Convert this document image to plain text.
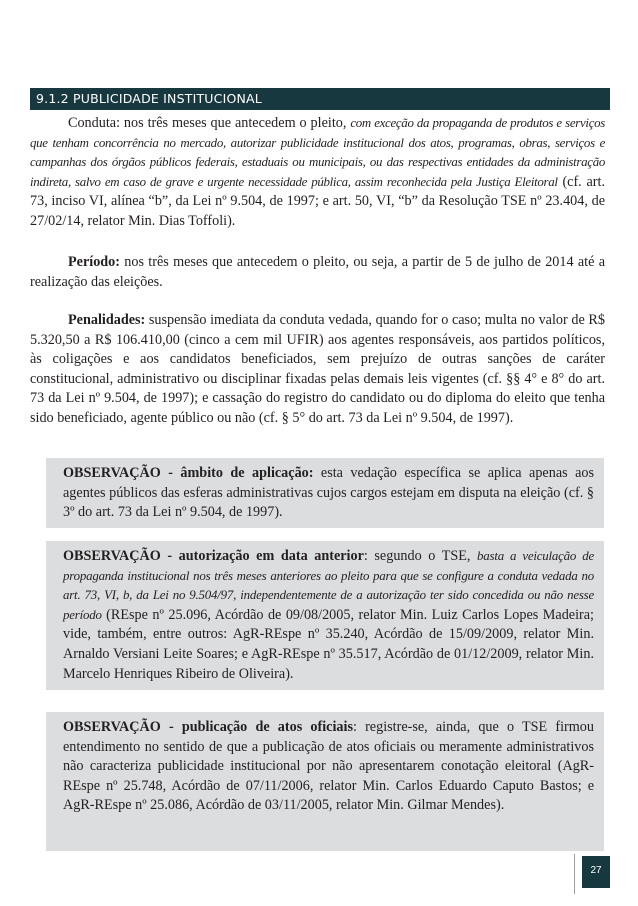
9.1.2 PUBLICIDADE INSTITUCIONAL

Conduta: nos três meses que antecedem o pleito, com exceção da propaganda de produtos e serviços que tenham concorrência no mercado, autorizar publicidade institucional dos atos, programas, obras, serviços e campanhas dos órgãos públicos federais, estaduais ou municipais, ou das respectivas entidades da administração indireta, salvo em caso de grave e urgente necessidade pública, assim reconhecida pela Justiça Eleitoral (cf. art. 73, inciso VI, alínea “b”, da Lei nº 9.504, de 1997; e art. 50, VI, “b” da Resolução TSE nº 23.404, de 27/02/14, relator Min. Dias Toffoli).

Período: nos três meses que antecedem o pleito, ou seja, a partir de 5 de julho de 2014 até a realização das eleições.

Penalidades: suspensão imediata da conduta vedada, quando for o caso; multa no valor de R$ 5.320,50 a R$ 106.410,00 (cinco a cem mil UFIR) aos agentes responsáveis, aos partidos políticos, às coligações e aos candidatos beneficiados, sem prejuízo de outras sanções de caráter constitucional, administrativo ou disciplinar fixadas pelas demais leis vigentes (cf. §§ 4° e 8° do art. 73 da Lei nº 9.504, de 1997); e cassação do registro do candidato ou do diploma do eleito que tenha sido beneficiado, agente público ou não (cf. § 5° do art. 73 da Lei nº 9.504, de 1997).

OBSERVAÇÃO - âmbito de aplicação: esta vedação específica se aplica apenas aos agentes públicos das esferas administrativas cujos cargos estejam em disputa na eleição (cf. § 3º do art. 73 da Lei nº 9.504, de 1997).

OBSERVAÇÃO - autorização em data anterior: segundo o TSE, basta a veiculação de propaganda institucional nos três meses anteriores ao pleito para que se configure a conduta vedada no art. 73, VI, b, da Lei no 9.504/97, independentemente de a autorização ter sido concedida ou não nesse período (REspe nº 25.096, Acórdão de 09/08/2005, relator Min. Luiz Carlos Lopes Madeira; vide, também, entre outros: AgR-REspe nº 35.240, Acórdão de 15/09/2009, relator Min. Arnaldo Versiani Leite Soares; e AgR-REspe nº 35.517, Acórdão de 01/12/2009, relator Min. Marcelo Henriques Ribeiro de Oliveira).

OBSERVAÇÃO - publicação de atos oficiais: registre-se, ainda, que o TSE firmou entendimento no sentido de que a publicação de atos oficiais ou meramente administrativos não caracteriza publicidade institucional por não apresentarem conotação eleitoral (AgR-REspe nº 25.748, Acórdão de 07/11/2006, relator Min. Carlos Eduardo Caputo Bastos; e AgR-REspe nº 25.086, Acórdão de 03/11/2005, relator Min. Gilmar Mendes).

27
